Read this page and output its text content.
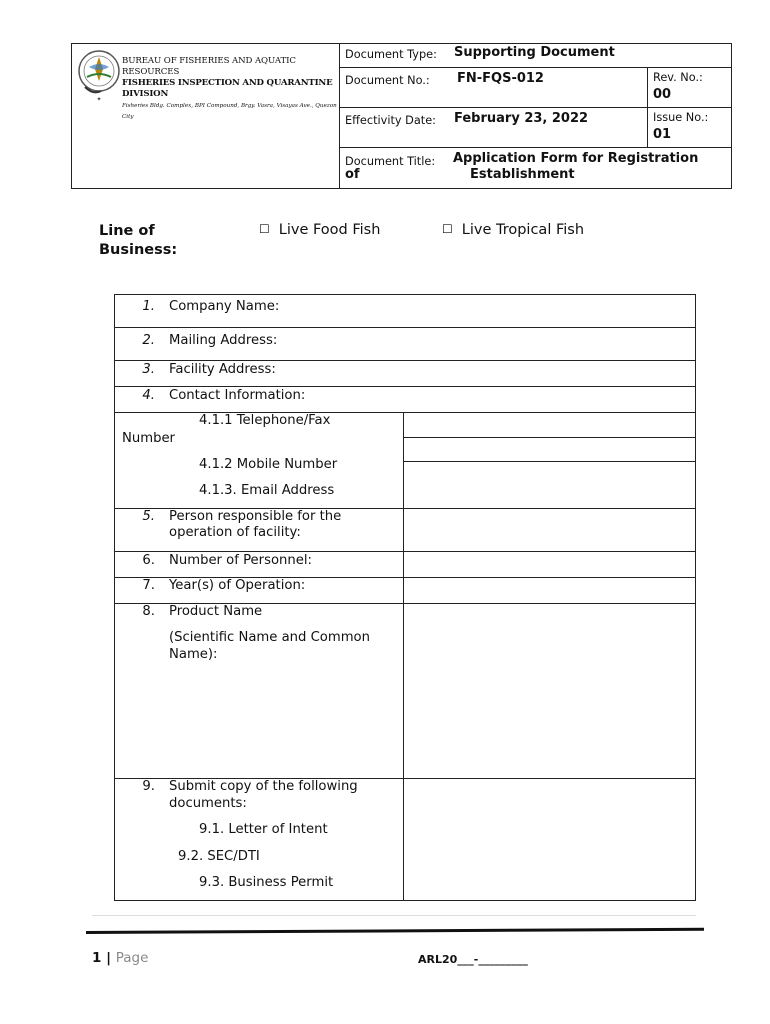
✦
BUREAU OF FISHERIES AND AQUATIC RESOURCES
FISHERIES INSPECTION AND QUARANTINE DIVISION
Fisheries Bldg. Complex, BPI Compound, Brgy. Vasra, Visayas Ave., Quezon City
Document Type: Supporting Document
Document No.: FN-FQS-012	Rev. No.:
00
Effectivity Date: February 23, 2022	Issue No.:
01
Document Title: Application Form for Registration
of	Establishment
Line of
Business:
☐ Live Food Fish	☐ Live Tropical Fish
1. Company Name:
2. Mailing Address:
3. Facility Address:
4. Contact Information:
4.1.1 Telephone/Fax
Number
4.1.2 Mobile Number
4.1.3. Email Address
5. Person responsible for the
operation of facility:
6. Number of Personnel:
7. Year(s) of Operation:
8. Product Name
(Scientific Name and Common
Name):
9. Submit copy of the following
documents:
9.1. Letter of Intent
9.2. SEC/DTI
9.3. Business Permit
1 | Page	ARL20___-_________
